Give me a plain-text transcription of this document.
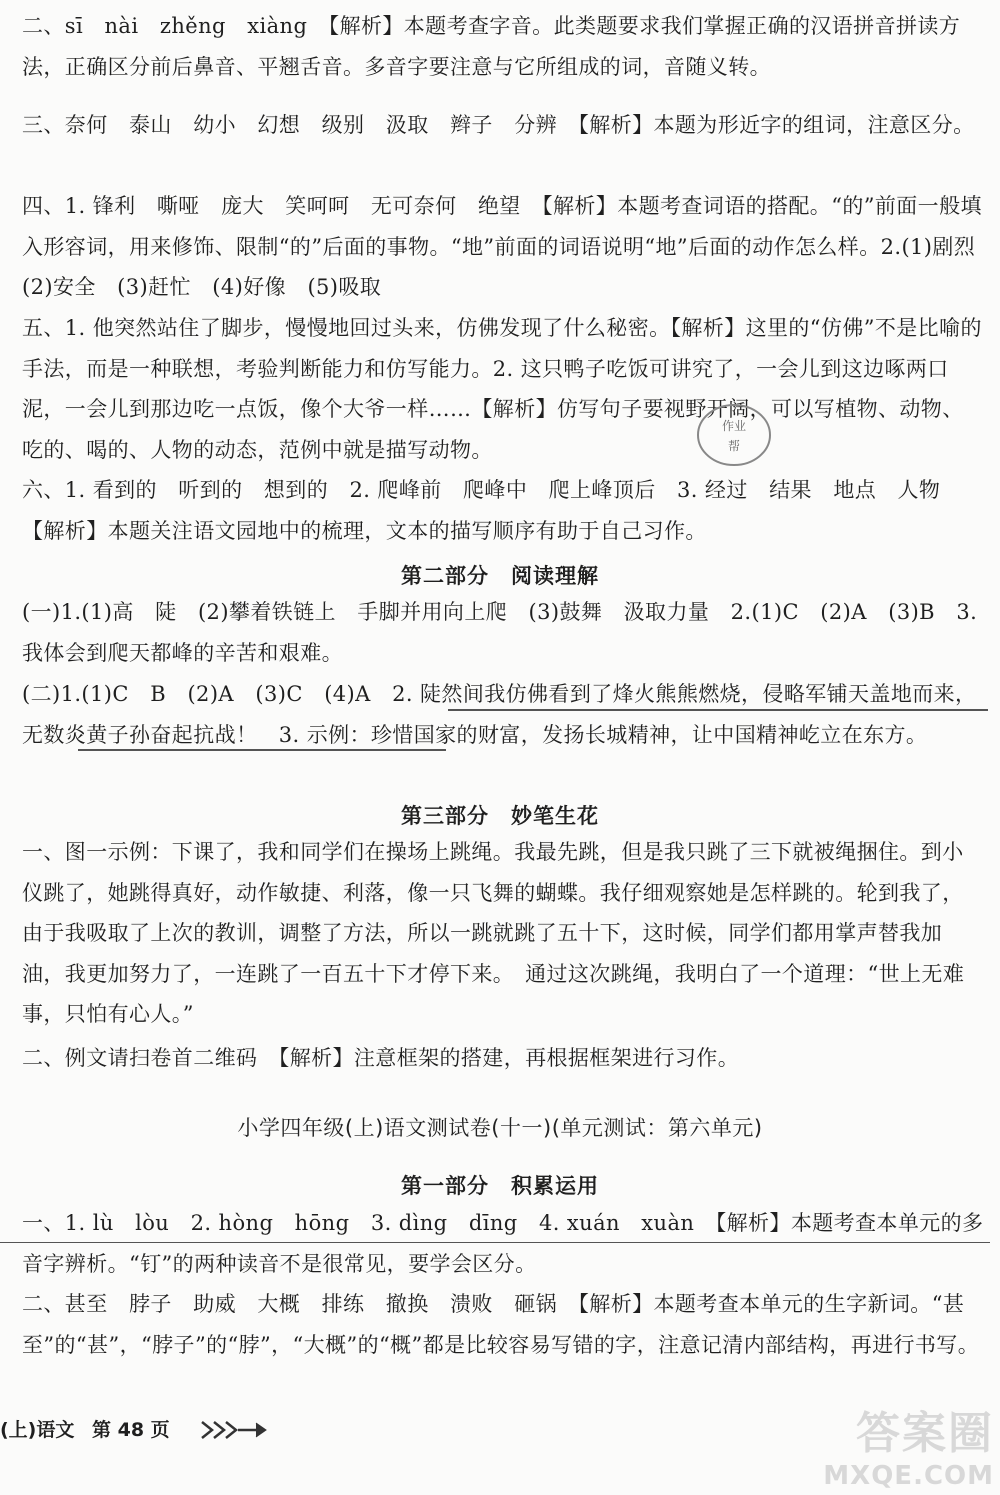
二、sī　nài　zhěng　xiàng　【解析】本题考查字音。此类题要求我们掌握正确的汉语拼音拼读方法，正确区分前后鼻音、平翘舌音。多音字要注意与它所组成的词，音随义转。
三、奈何　泰山　幼小　幻想　级别　汲取　辫子　分辨　【解析】本题为形近字的组词，注意区分。
四、1. 锋利　嘶哑　庞大　笑呵呵　无可奈何　绝望　【解析】本题考查词语的搭配。“的”前面一般填入形容词，用来修饰、限制“的”后面的事物。“地”前面的词语说明“地”后面的动作怎么样。2.(1)剧烈　(2)安全　(3)赶忙　(4)好像　(5)吸取
五、1. 他突然站住了脚步，慢慢地回过头来，仿佛发现了什么秘密。【解析】这里的“仿佛”不是比喻的手法，而是一种联想，考验判断能力和仿写能力。2. 这只鸭子吃饭可讲究了，一会儿到这边啄两口泥，一会儿到那边吃一点饭，像个大爷一样……【解析】仿写句子要视野开阔，可以写植物、动物、吃的、喝的、人物的动态，范例中就是描写动物。
六、1. 看到的　听到的　想到的　2. 爬峰前　爬峰中　爬上峰顶后　3. 经过　结果　地点　人物　【解析】本题关注语文园地中的梳理，文本的描写顺序有助于自己习作。
第二部分　阅读理解
(一)1.(1)高　陡　(2)攀着铁链上　手脚并用向上爬　(3)鼓舞　汲取力量　2.(1)C　(2)A　(3)B　3. 我体会到爬天都峰的辛苦和艰难。
(二)1.(1)C　B　(2)A　(3)C　(4)A　2. 陡然间我仿佛看到了烽火熊熊燃烧，侵略军铺天盖地而来，无数炎黄子孙奋起抗战！　3. 示例：珍惜国家的财富，发扬长城精神，让中国精神屹立在东方。
第三部分　妙笔生花
一、图一示例：下课了，我和同学们在操场上跳绳。我最先跳，但是我只跳了三下就被绳捆住。到小仪跳了，她跳得真好，动作敏捷、利落，像一只飞舞的蝴蝶。我仔细观察她是怎样跳的。轮到我了，由于我吸取了上次的教训，调整了方法，所以一跳就跳了五十下，这时候，同学们都用掌声替我加油，我更加努力了，一连跳了一百五十下才停下来。　通过这次跳绳，我明白了一个道理：“世上无难事，只怕有心人。”
二、例文请扫卷首二维码　【解析】注意框架的搭建，再根据框架进行习作。
小学四年级(上)语文测试卷(十一)(单元测试：第六单元)
第一部分　积累运用
一、1. lù　lòu　2. hòng　hōng　3. dìng　dīng　4. xuán　xuàn　【解析】本题考查本单元的多音字辨析。“钉”的两种读音不是很常见，要学会区分。
二、甚至　脖子　助威　大概　排练　撤换　溃败　砸锅　【解析】本题考查本单元的生字新词。“甚至”的“甚”，“脖子”的“脖”，“大概”的“概”都是比较容易写错的字，注意记清内部结构，再进行书写。
作业
帮
(上)语文 第 48 页	答案圈
MXQE.COM
